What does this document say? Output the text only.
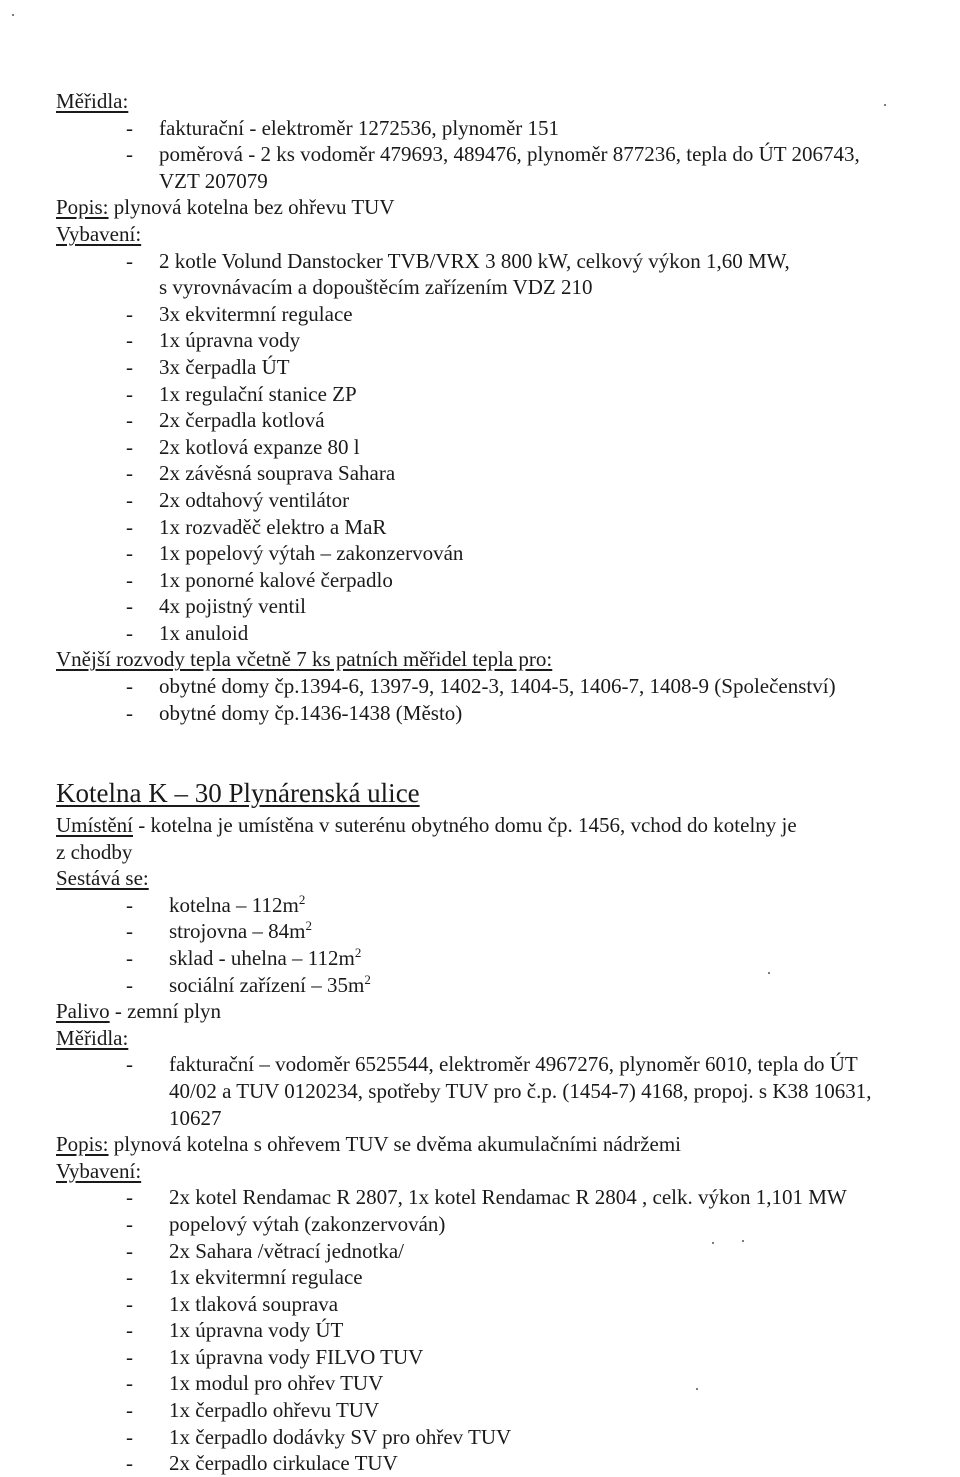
Měřidla:
- fakturační - elektroměr 1272536, plynoměr 151
- poměrová - 2 ks vodoměr 479693, 489476, plynoměr 877236, tepla do ÚT 206743,
VZT 207079
Popis: plynová kotelna bez ohřevu TUV
Vybavení:
- 2 kotle Volund Danstocker TVB/VRX 3 800 kW, celkový výkon 1,60 MW,
s vyrovnávacím a dopouštěcím zařízením VDZ 210
- 3x ekvitermní regulace
- 1x úpravna vody
- 3x čerpadla ÚT
- 1x regulační stanice ZP
- 2x čerpadla kotlová
- 2x kotlová expanze 80 l
- 2x závěsná souprava Sahara
- 2x odtahový ventilátor
- 1x rozvaděč elektro a MaR
- 1x popelový výtah – zakonzervován
- 1x ponorné kalové čerpadlo
- 4x pojistný ventil
- 1x anuloid
Vnější rozvody tepla včetně 7 ks patních měřidel tepla pro:
- obytné domy čp.1394-6, 1397-9, 1402-3, 1404-5, 1406-7, 1408-9 (Společenství)
- obytné domy čp.1436-1438 (Město)
Kotelna K – 30 Plynárenská ulice
Umístění - kotelna je umístěna v suterénu obytného domu čp. 1456, vchod do kotelny je
z chodby
Sestává se:
- kotelna – $112m^2$
- strojovna – $84m^2$
- sklad - uhelna – $112m^2$
- sociální zařízení – $35m^2$
Palivo - zemní plyn
Měřidla:
- fakturační – vodoměr 6525544, elektroměr 4967276, plynoměr 6010, tepla do ÚT
40/02 a TUV 0120234, spotřeby TUV pro č.p. (1454-7) 4168, propoj. s K38 10631,
10627
Popis: plynová kotelna s ohřevem TUV se dvěma akumulačními nádržemi
Vybavení:
- 2x kotel Rendamac R 2807, 1x kotel Rendamac R 2804 , celk. výkon 1,101 MW
- popelový výtah (zakonzervován)
- 2x Sahara /větrací jednotka/
- 1x ekvitermní regulace
- 1x tlaková souprava
- 1x úpravna vody ÚT
- 1x úpravna vody FILVO TUV
- 1x modul pro ohřev TUV
- 1x čerpadlo ohřevu TUV
- 1x čerpadlo dodávky SV pro ohřev TUV
- 2x čerpadlo cirkulace TUV
